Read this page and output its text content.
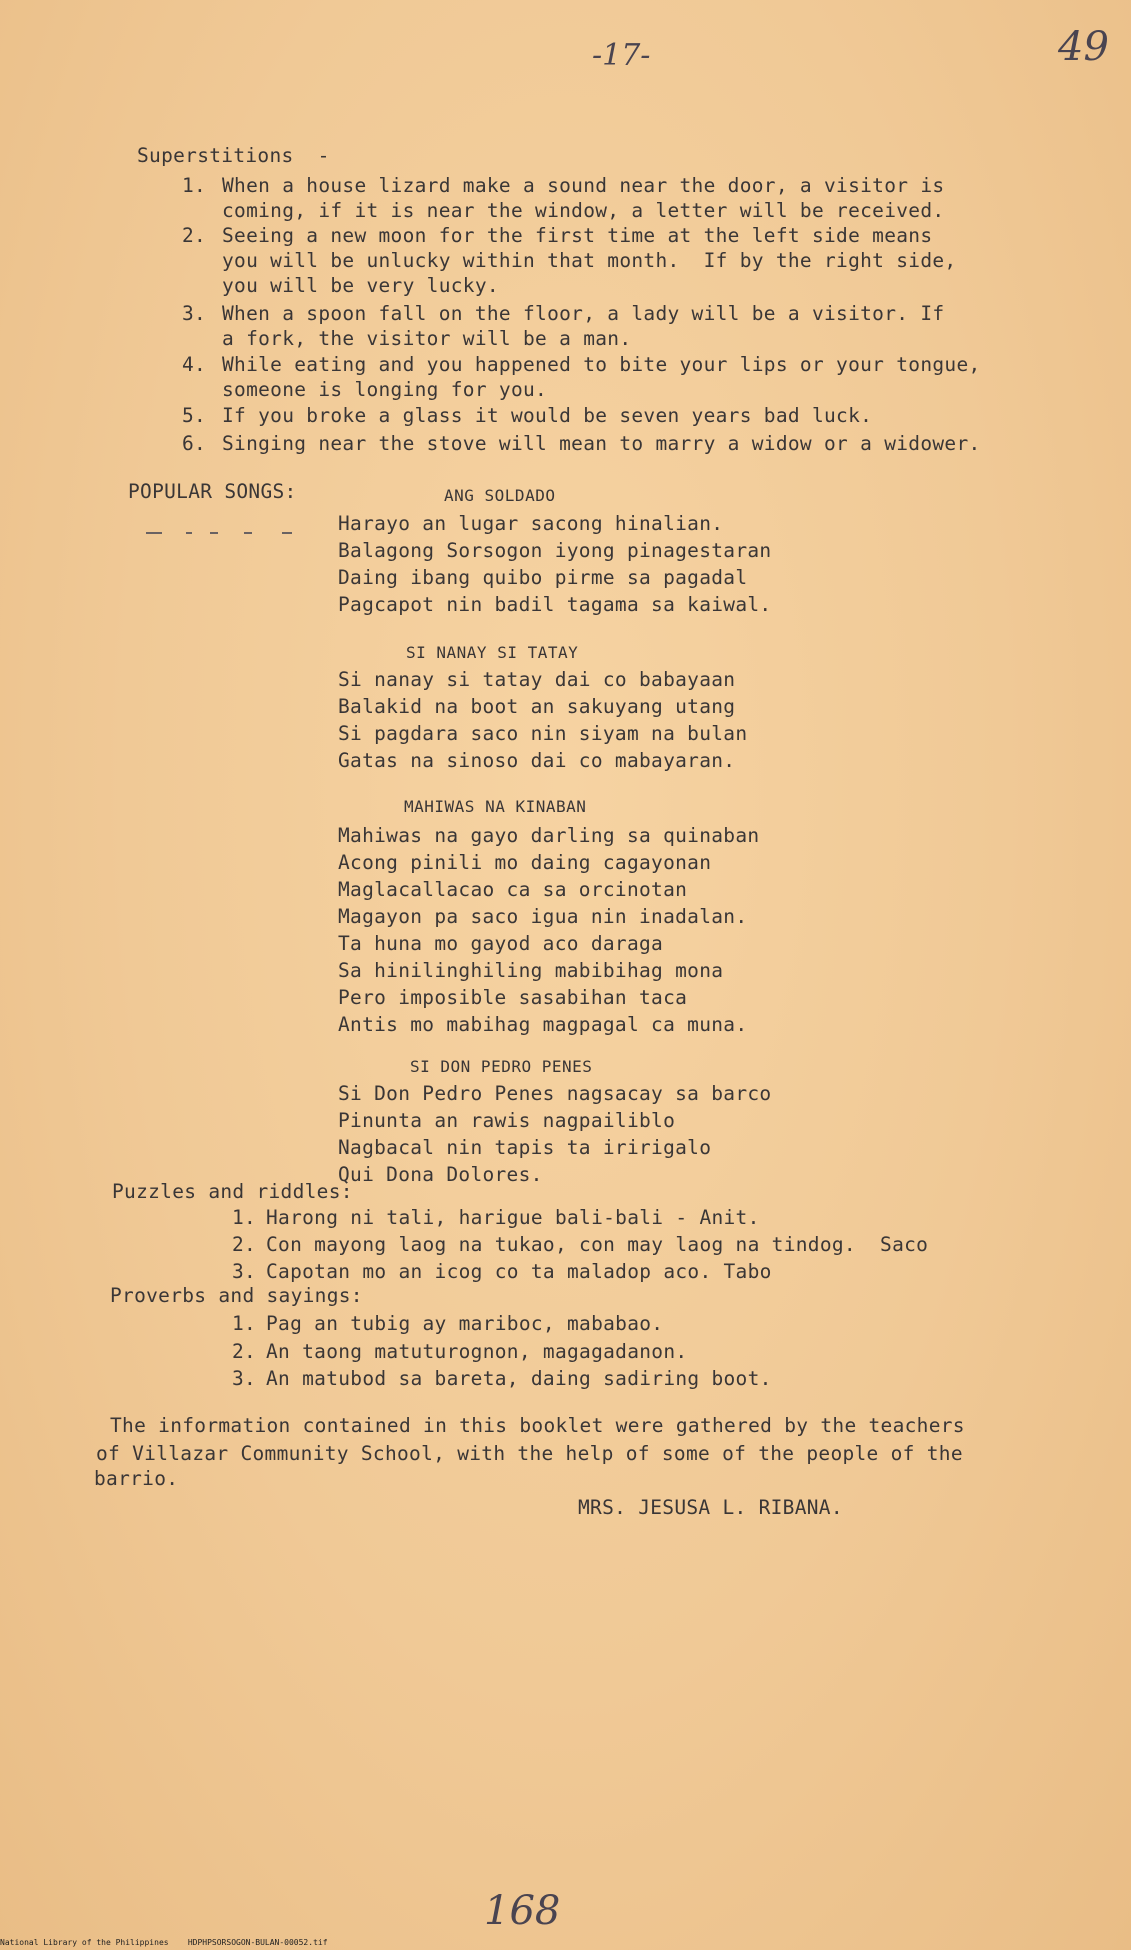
-17-	49
Superstitions  -
1. When a house lizard make a sound near the door, a visitor is
coming, if it is near the window, a letter will be received.
2. Seeing a new moon for the first time at the left side means
you will be unlucky within that month.  If by the right side,
you will be very lucky.
3. When a spoon fall on the floor, a lady will be a visitor. If
a fork, the visitor will be a man.
4. While eating and you happened to bite your lips or your tongue,
someone is longing for you.
5. If you broke a glass it would be seven years bad luck.
6. Singing near the stove will mean to marry a widow or a widower.
POPULAR SONGS:	ANG SOLDADO
Harayo an lugar sacong hinalian.
Balagong Sorsogon iyong pinagestaran
Daing ibang quibo pirme sa pagadal
Pagcapot nin badil tagama sa kaiwal.
SI NANAY SI TATAY
Si nanay si tatay dai co babayaan
Balakid na boot an sakuyang utang
Si pagdara saco nin siyam na bulan
Gatas na sinoso dai co mabayaran.
MAHIWAS NA KINABAN
Mahiwas na gayo darling sa quinaban
Acong pinili mo daing cagayonan
Maglacallacao ca sa orcinotan
Magayon pa saco igua nin inadalan.
Ta huna mo gayod aco daraga
Sa hinilinghiling mabibihag mona
Pero imposible sasabihan taca
Antis mo mabihag magpagal ca muna.
SI DON PEDRO PENES
Si Don Pedro Penes nagsacay sa barco
Pinunta an rawis nagpailiblo
Nagbacal nin tapis ta iririgalo
Qui Dona Dolores.
Puzzles and riddles:
1. Harong ni tali, harigue bali-bali - Anit.
2. Con mayong laog na tukao, con may laog na tindog.  Saco
3. Capotan mo an icog co ta maladop aco. Tabo
Proverbs and sayings:
1. Pag an tubig ay mariboc, mababao.
2. An taong matuturognon, magagadanon.
3. An matubod sa bareta, daing sadiring boot.
The information contained in this booklet were gathered by the teachers
of Villazar Community School, with the help of some of the people of the
barrio.
MRS. JESUSA L. RIBANA.
168
National Library of the Philippines    HDPHPSORSOGON-BULAN-00052.tif
